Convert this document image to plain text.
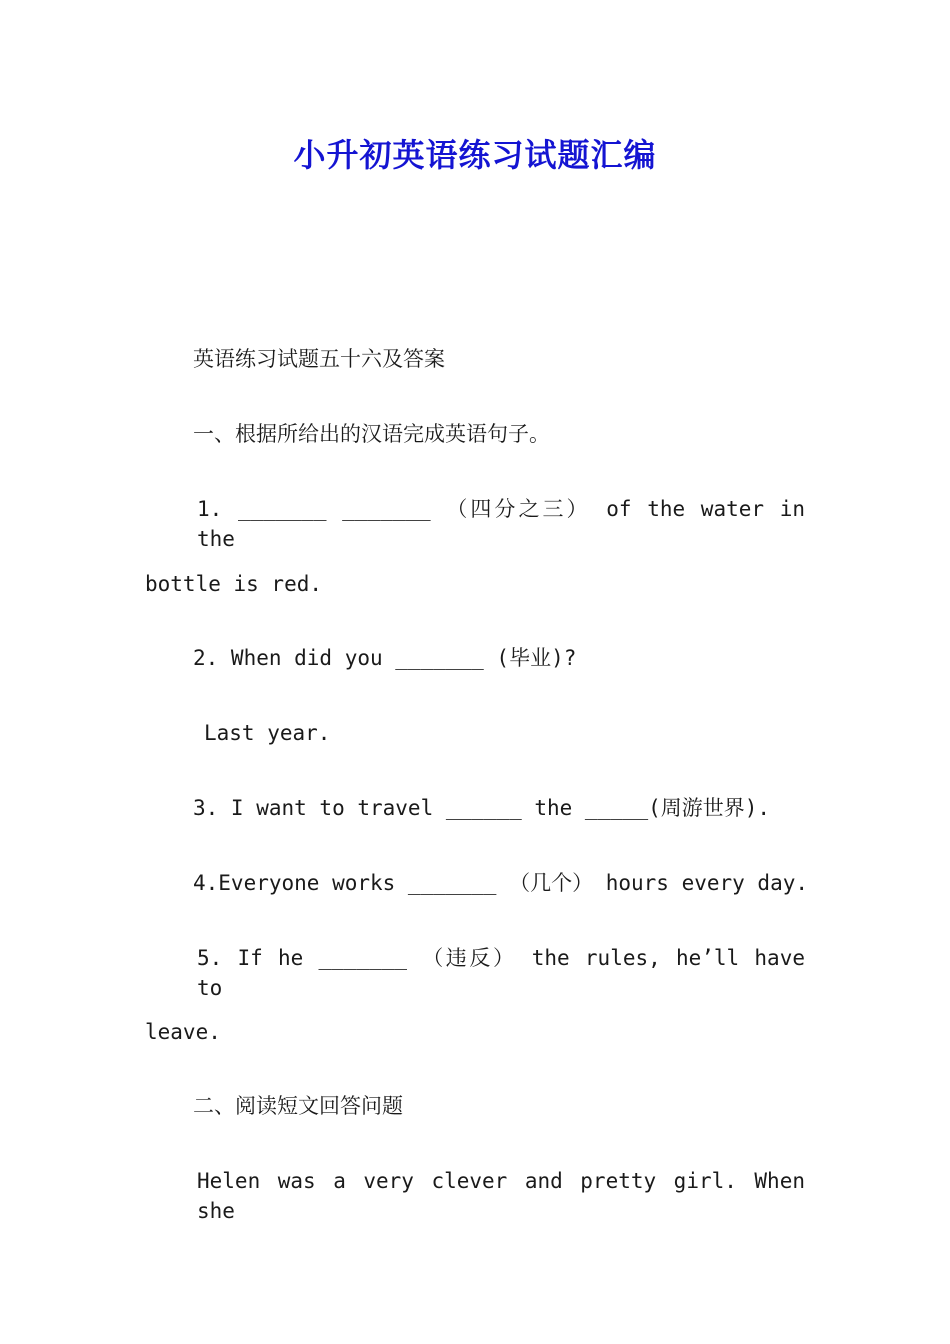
小升初英语练习试题汇编
英语练习试题五十六及答案
一、根据所给出的汉语完成英语句子。
1. _______ _______ （四分之三） of the water in the
bottle is red.
2. When did you _______ (毕业)?
Last year.
3. I want to travel ______ the _____(周游世界).
4.Everyone works _______ （几个） hours every day.
5. If he _______ （违反） the rules, he’ll have to
leave.
二、阅读短文回答问题
Helen was a very clever and pretty girl. When she
